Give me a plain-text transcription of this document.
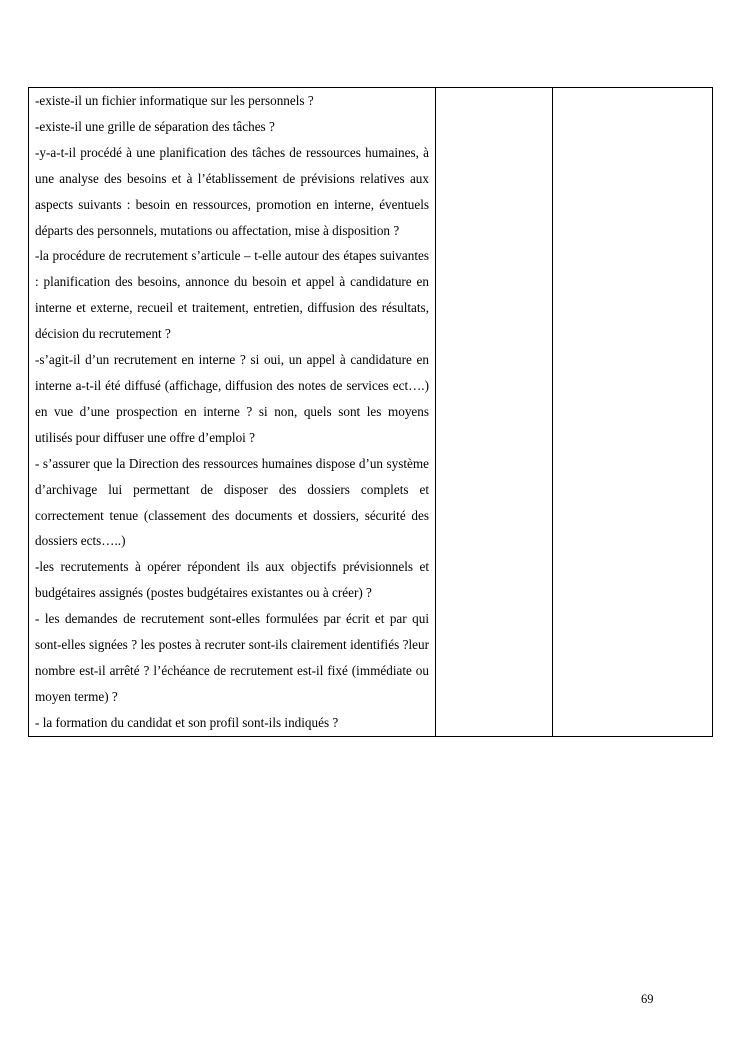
-existe-il un fichier informatique sur les personnels ?

-existe-il une grille de séparation des tâches ?

-y-a-t-il procédé à une planification des tâches de ressources humaines, à une analyse des besoins et à l’établissement de prévisions relatives aux aspects suivants : besoin en ressources, promotion en interne, éventuels départs des personnels, mutations ou affectation, mise à disposition ?

-la procédure de recrutement s’articule – t-elle autour des étapes suivantes : planification des besoins, annonce du besoin et appel à candidature en interne et externe, recueil et traitement, entretien, diffusion des résultats, décision du recrutement ?

-s’agit-il d’un recrutement en interne ? si oui, un appel à candidature en interne a-t-il été diffusé (affichage, diffusion des notes de services ect….) en vue d’une prospection en interne ? si non, quels sont les moyens utilisés pour diffuser une offre d’emploi ?

- s’assurer que la Direction des ressources humaines dispose d’un système d’archivage lui permettant de disposer des dossiers complets et correctement tenue (classement des documents et dossiers, sécurité des dossiers ects…..)

-les recrutements à opérer répondent ils aux objectifs prévisionnels et budgétaires assignés (postes budgétaires existantes ou à créer) ?

- les demandes de recrutement sont-elles formulées par écrit et par qui sont-elles signées ? les postes à recruter sont-ils clairement identifiés ?leur nombre est-il arrêté ? l’échéance de recrutement est-il fixé (immédiate ou moyen terme) ?

- la formation du candidat et son profil sont-ils indiqués ?

69
